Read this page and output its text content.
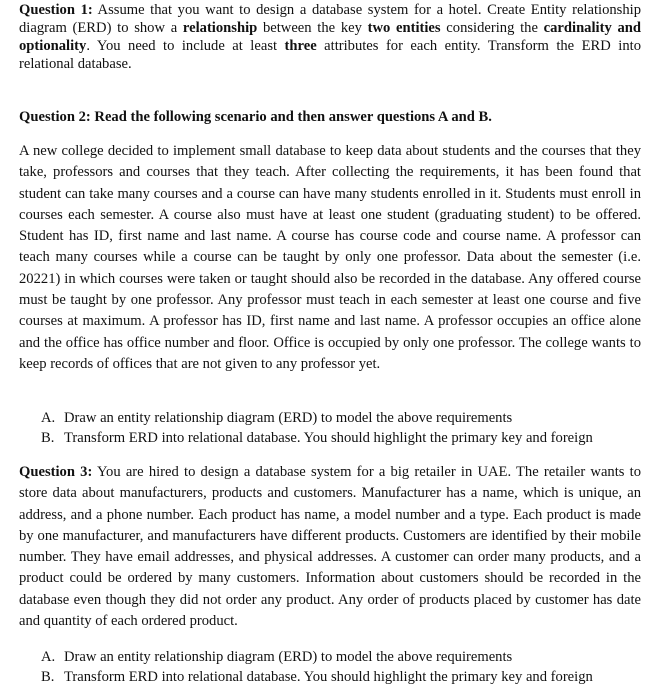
Question 1: Assume that you want to design a database system for a hotel. Create Entity relationship diagram (ERD) to show a relationship between the key two entities considering the cardinality and optionality. You need to include at least three attributes for each entity. Transform the ERD into relational database.

Question 2: Read the following scenario and then answer questions A and B.

A new college decided to implement small database to keep data about students and the courses that they take, professors and courses that they teach. After collecting the requirements, it has been found that student can take many courses and a course can have many students enrolled in it. Students must enroll in courses each semester. A course also must have at least one student (graduating student) to be offered. Student has ID, first name and last name. A course has course code and course name. A professor can teach many courses while a course can be taught by only one professor. Data about the semester (i.e. 20221) in which courses were taken or taught should also be recorded in the database. Any offered course must be taught by one professor. Any professor must teach in each semester at least one course and five courses at maximum. A professor has ID, first name and last name. A professor occupies an office alone and the office has office number and floor. Office is occupied by only one professor. The college wants to keep records of offices that are not given to any professor yet.

A. Draw an entity relationship diagram (ERD) to model the above requirements
B. Transform ERD into relational database. You should highlight the primary key and foreign

Question 3: You are hired to design a database system for a big retailer in UAE. The retailer wants to store data about manufacturers, products and customers. Manufacturer has a name, which is unique, an address, and a phone number. Each product has name, a model number and a type. Each product is made by one manufacturer, and manufacturers have different products. Customers are identified by their mobile number. They have email addresses, and physical addresses. A customer can order many products, and a product could be ordered by many customers. Information about customers should be recorded in the database even though they did not order any product. Any order of products placed by customer has date and quantity of each ordered product.

A. Draw an entity relationship diagram (ERD) to model the above requirements
B. Transform ERD into relational database. You should highlight the primary key and foreign
